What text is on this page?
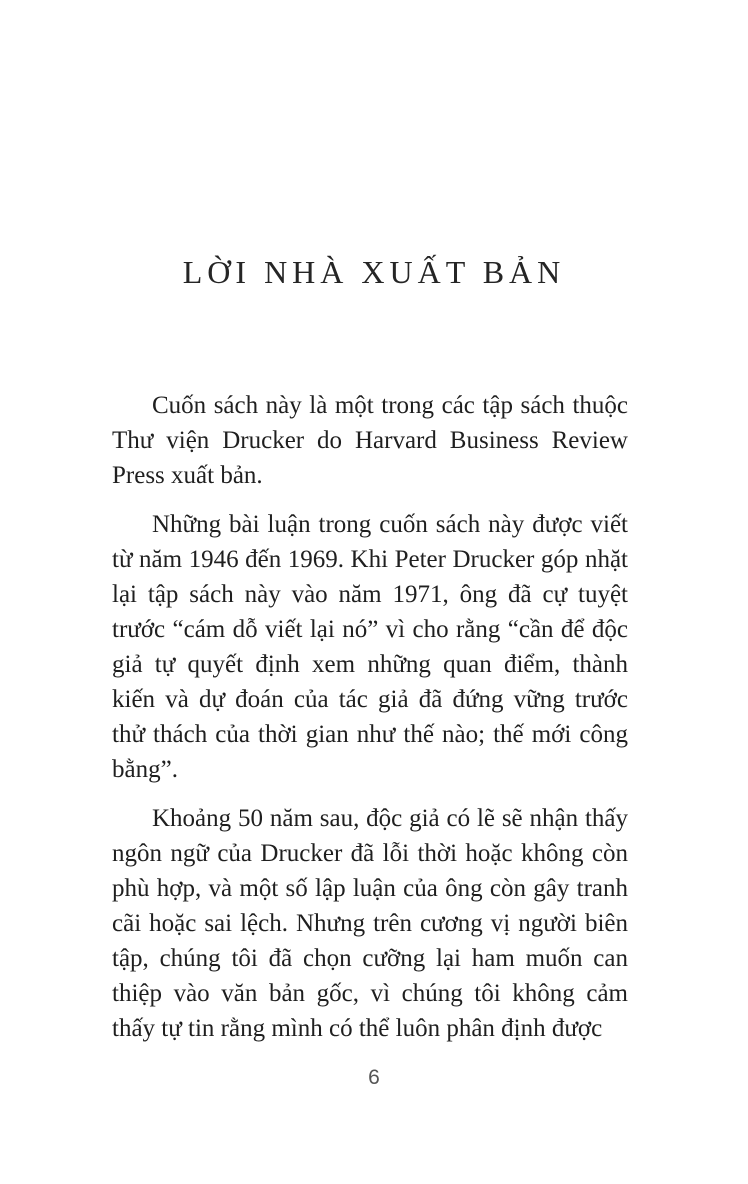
LỜI NHÀ XUẤT BẢN

Cuốn sách này là một trong các tập sách thuộc Thư viện Drucker do Harvard Business Review Press xuất bản.

Những bài luận trong cuốn sách này được viết từ năm 1946 đến 1969. Khi Peter Drucker góp nhặt lại tập sách này vào năm 1971, ông đã cự tuyệt trước “cám dỗ viết lại nó” vì cho rằng “cần để độc giả tự quyết định xem những quan điểm, thành kiến và dự đoán của tác giả đã đứng vững trước thử thách của thời gian như thế nào; thế mới công bằng”.

Khoảng 50 năm sau, độc giả có lẽ sẽ nhận thấy ngôn ngữ của Drucker đã lỗi thời hoặc không còn phù hợp, và một số lập luận của ông còn gây tranh cãi hoặc sai lệch. Nhưng trên cương vị người biên tập, chúng tôi đã chọn cưỡng lại ham muốn can thiệp vào văn bản gốc, vì chúng tôi không cảm thấy tự tin rằng mình có thể luôn phân định được

6
